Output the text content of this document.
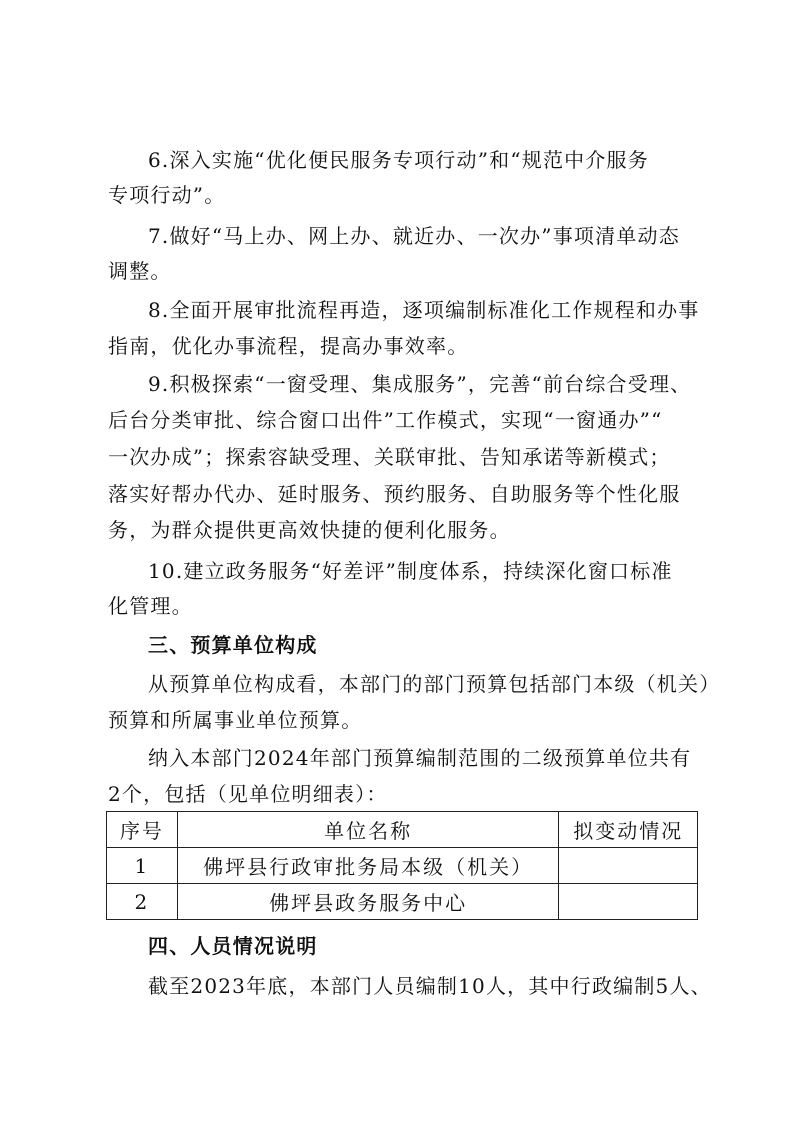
6.深入实施“优化便民服务专项行动”和“规范中介服务
专项行动”。
7.做好“马上办、网上办、就近办、一次办”事项清单动态
调整。
8.全面开展审批流程再造，逐项编制标准化工作规程和办事
指南，优化办事流程，提高办事效率。
9.积极探索“一窗受理、集成服务”，完善“前台综合受理、
后台分类审批、综合窗口出件”工作模式，实现“一窗通办”“
一次办成”；探索容缺受理、关联审批、告知承诺等新模式；
落实好帮办代办、延时服务、预约服务、自助服务等个性化服
务，为群众提供更高效快捷的便利化服务。
10.建立政务服务“好差评”制度体系，持续深化窗口标准
化管理。
三、预算单位构成
从预算单位构成看，本部门的部门预算包括部门本级（机关）
预算和所属事业单位预算。
纳入本部门2024年部门预算编制范围的二级预算单位共有
2个，包括（见单位明细表）：
序号	单位名称	拟变动情况
1	佛坪县行政审批务局本级（机关）	
2	佛坪县政务服务中心	
四、人员情况说明
截至2023年底，本部门人员编制10人，其中行政编制5人、
